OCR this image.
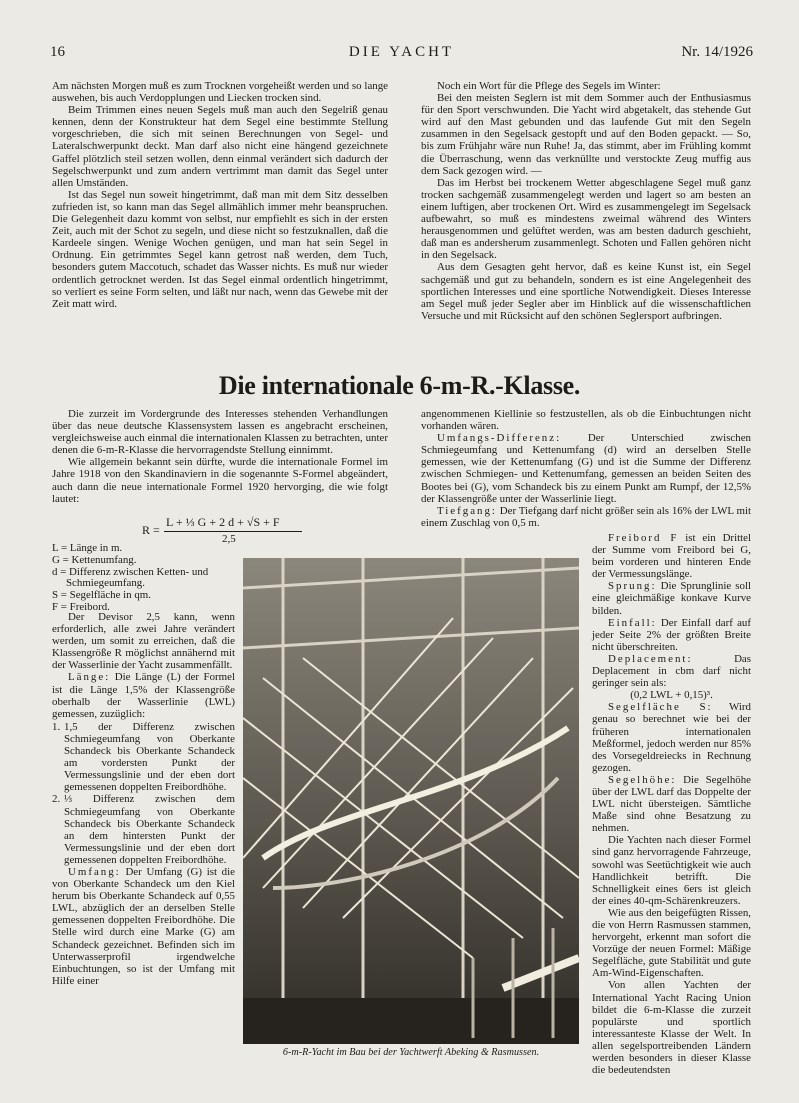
16	DIE YACHT	Nr. 14/1926

Am nächsten Morgen muß es zum Trocknen vorgeheißt werden und so lange auswehen, bis auch Verdopplungen und Liecken trocken sind.

Beim Trimmen eines neuen Segels muß man auch den Segelriß genau kennen, denn der Konstrukteur hat dem Segel eine bestimmte Stellung vorgeschrieben, die sich mit seinen Berechnungen von Segel- und Lateralschwerpunkt deckt. Man darf also nicht eine hängend gezeichnete Gaffel plötzlich steil setzen wollen, denn einmal verändert sich dadurch der Segelschwerpunkt und zum andern vertrimmt man damit das Segel unter allen Umständen.

Ist das Segel nun soweit hingetrimmt, daß man mit dem Sitz desselben zufrieden ist, so kann man das Segel allmählich immer mehr beanspruchen. Die Gelegenheit dazu kommt von selbst, nur empfiehlt es sich in der ersten Zeit, auch mit der Schot zu segeln, und diese nicht so festzuknallen, daß die Kardeele singen. Wenige Wochen genügen, und man hat sein Segel in Ordnung. Ein getrimmtes Segel kann getrost naß werden, dem Tuch, besonders gutem Maccotuch, schadet das Wasser nichts. Es muß nur wieder ordentlich getrocknet werden. Ist das Segel einmal ordentlich hingetrimmt, so verliert es seine Form selten, und läßt nur nach, wenn das Gewebe mit der Zeit matt wird.

Noch ein Wort für die Pflege des Segels im Winter:

Bei den meisten Seglern ist mit dem Sommer auch der Enthusiasmus für den Sport verschwunden. Die Yacht wird abgetakelt, das stehende Gut wird auf den Mast gebunden und das laufende Gut mit den Segeln zusammen in den Segelsack gestopft und auf den Boden gepackt. — So, bis zum Frühjahr wäre nun Ruhe! Ja, das stimmt, aber im Frühling kommt die Überraschung, wenn das verknüllte und verstockte Zeug muffig aus dem Sack gezogen wird. —

Das im Herbst bei trockenem Wetter abgeschlagene Segel muß ganz trocken sachgemäß zusammengelegt werden und lagert so am besten an einem luftigen, aber trockenen Ort. Wird es zusammengelegt im Segelsack aufbewahrt, so muß es mindestens zweimal während des Winters herausgenommen und gelüftet werden, was am besten dadurch geschieht, daß man es andersherum zusammenlegt. Schoten und Fallen gehören nicht in den Segelsack.

Aus dem Gesagten geht hervor, daß es keine Kunst ist, ein Segel sachgemäß und gut zu behandeln, sondern es ist eine Angelegenheit des sportlichen Interesses und eine sportliche Notwendigkeit. Dieses Interesse am Segel muß jeder Segler aber im Hinblick auf die wissenschaftlichen Versuche und mit Rücksicht auf den schönen Seglersport aufbringen.

Die internationale 6-m-R.-Klasse.

Die zurzeit im Vordergrunde des Interesses stehenden Verhandlungen über das neue deutsche Klassensystem lassen es angebracht erscheinen, vergleichsweise auch einmal die internationalen Klassen zu betrachten, unter denen die 6-m-R-Klasse die hervorragendste Stellung einnimmt.

Wie allgemein bekannt sein dürfte, wurde die internationale Formel im Jahre 1918 von den Skandinaviern in die sogenannte S-Formel abgeändert, auch dann die neue internationale Formel 1920 hervorging, die wie folgt lautet:

R =
L + ⅓ G + 2 d + √S + F
2,5
L = Länge in m.
G = Kettenumfang.
d = Differenz zwischen Ketten- und Schmiegeumfang.
S = Segelfläche in qm.
F = Freibord.

Der Devisor 2,5 kann, wenn erforderlich, alle zwei Jahre verändert werden, um somit zu erreichen, daß die Klassengröße R möglichst annähernd mit der Wasserlinie der Yacht zusammenfällt.

Länge: Die Länge (L) der Formel ist die Länge 1,5% der Klassengröße oberhalb der Wasserlinie (LWL) gemessen, zuzüglich:

1. 1,5 der Differenz zwischen Schmiegeumfang von Oberkante Schandeck bis Oberkante Schandeck am vordersten Punkt der Vermessungslinie und der eben dort gemessenen doppelten Freibordhöhe.
2. ⅓ Differenz zwischen dem Schmiegeumfang von Oberkante Schandeck bis Oberkante Schandeck an dem hintersten Punkt der Vermessungslinie und der eben dort gemessenen doppelten Freibordhöhe.

Umfang: Der Umfang (G) ist die von Oberkante Schandeck um den Kiel herum bis Oberkante Schandeck auf 0,55 LWL, abzüglich der an derselben Stelle gemessenen doppelten Freibordhöhe. Die Stelle wird durch eine Marke (G) am Schandeck gezeichnet. Befinden sich im Unterwasserprofil irgendwelche Einbuchtungen, so ist der Umfang mit Hilfe einer

6-m-R-Yacht im Bau bei der Yachtwerft Abeking & Rasmussen.

angenommenen Kiellinie so festzustellen, als ob die Einbuchtungen nicht vorhanden wären.

Umfangs-Differenz: Der Unterschied zwischen Schmiegeumfang und Kettenumfang (d) wird an derselben Stelle gemessen, wie der Kettenumfang (G) und ist die Summe der Differenz zwischen Schmiegen- und Kettenumfang, gemessen an beiden Seiten des Bootes bei (G), vom Schandeck bis zu einem Punkt am Rumpf, der 12,5% der Klassengröße unter der Wasserlinie liegt.

Tiefgang: Der Tiefgang darf nicht größer sein als 16% der LWL mit einem Zuschlag von 0,5 m.

Freibord F ist ein Drittel der Summe vom Freibord bei G, beim vorderen und hinteren Ende der Vermessungslänge.

Sprung: Die Sprunglinie soll eine gleichmäßige konkave Kurve bilden.

Einfall: Der Einfall darf auf jeder Seite 2% der größten Breite nicht überschreiten.

Deplacement:	Das Deplacement in cbm darf nicht geringer sein als:

(0,2 LWL + 0,15)³.

Segelfläche S: Wird genau so berechnet wie bei der früheren internationalen Meßformel, jedoch werden nur 85% des Vorsegeldreiecks in Rechnung gezogen.

Segelhöhe: Die Segelhöhe über der LWL darf das Doppelte der LWL nicht übersteigen. Sämtliche Maße sind ohne Besatzung zu nehmen.

Die Yachten nach dieser Formel sind ganz hervorragende Fahrzeuge, sowohl was Seetüchtigkeit wie auch Handlichkeit betrifft. Die Schnelligkeit eines 6ers ist gleich der eines 40-qm-Schärenkreuzers.

Wie aus den beigefügten Rissen, die von Herrn Rasmussen stammen, hervorgeht, erkennt man sofort die Vorzüge der neuen Formel: Mäßige Segelfläche, gute Stabilität und gute Am-Wind-Eigenschaften.

Von allen Yachten der International Yacht Racing Union bildet die 6-m-Klasse die zurzeit populärste und sportlich interessanteste Klasse der Welt. In allen segelsportreibenden Ländern werden besonders in dieser Klasse die bedeutendsten
